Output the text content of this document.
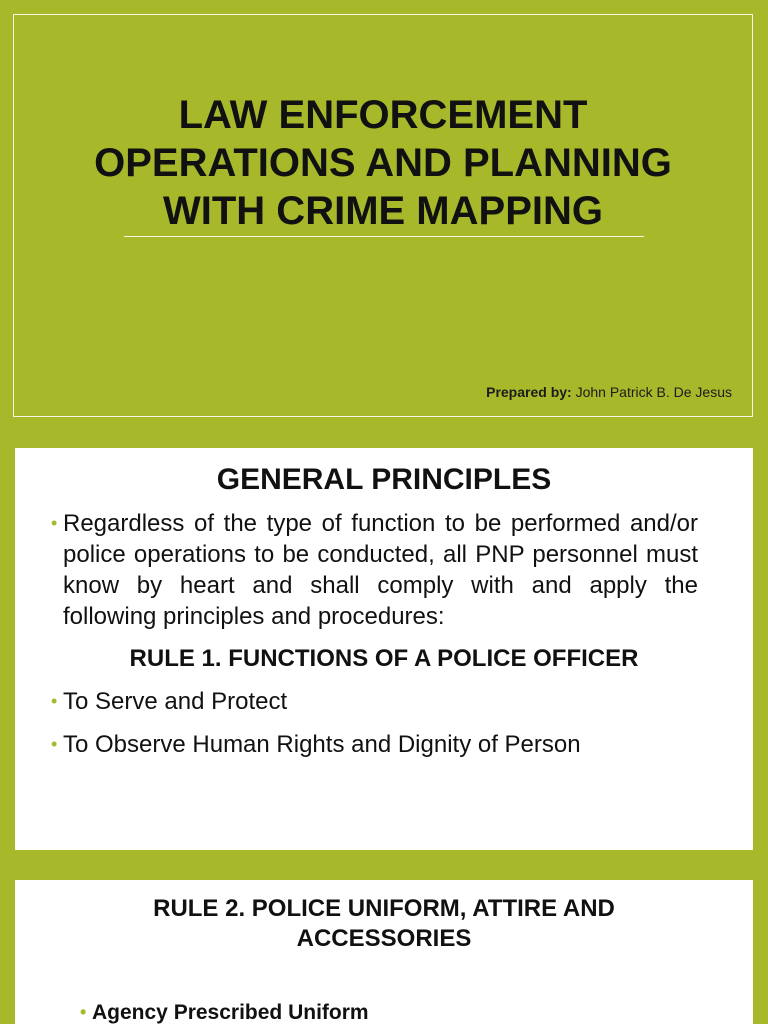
LAW ENFORCEMENT OPERATIONS AND PLANNING WITH CRIME MAPPING
Prepared by: John Patrick B. De Jesus
GENERAL PRINCIPLES
• Regardless of the type of function to be performed and/or police operations to be conducted, all PNP personnel must know by heart and shall comply with and apply the following principles and procedures:
RULE 1. FUNCTIONS OF A POLICE OFFICER
• To Serve and Protect
• To Observe Human Rights and Dignity of Person
RULE 2. POLICE UNIFORM, ATTIRE AND ACCESSORIES
• Agency Prescribed Uniform
